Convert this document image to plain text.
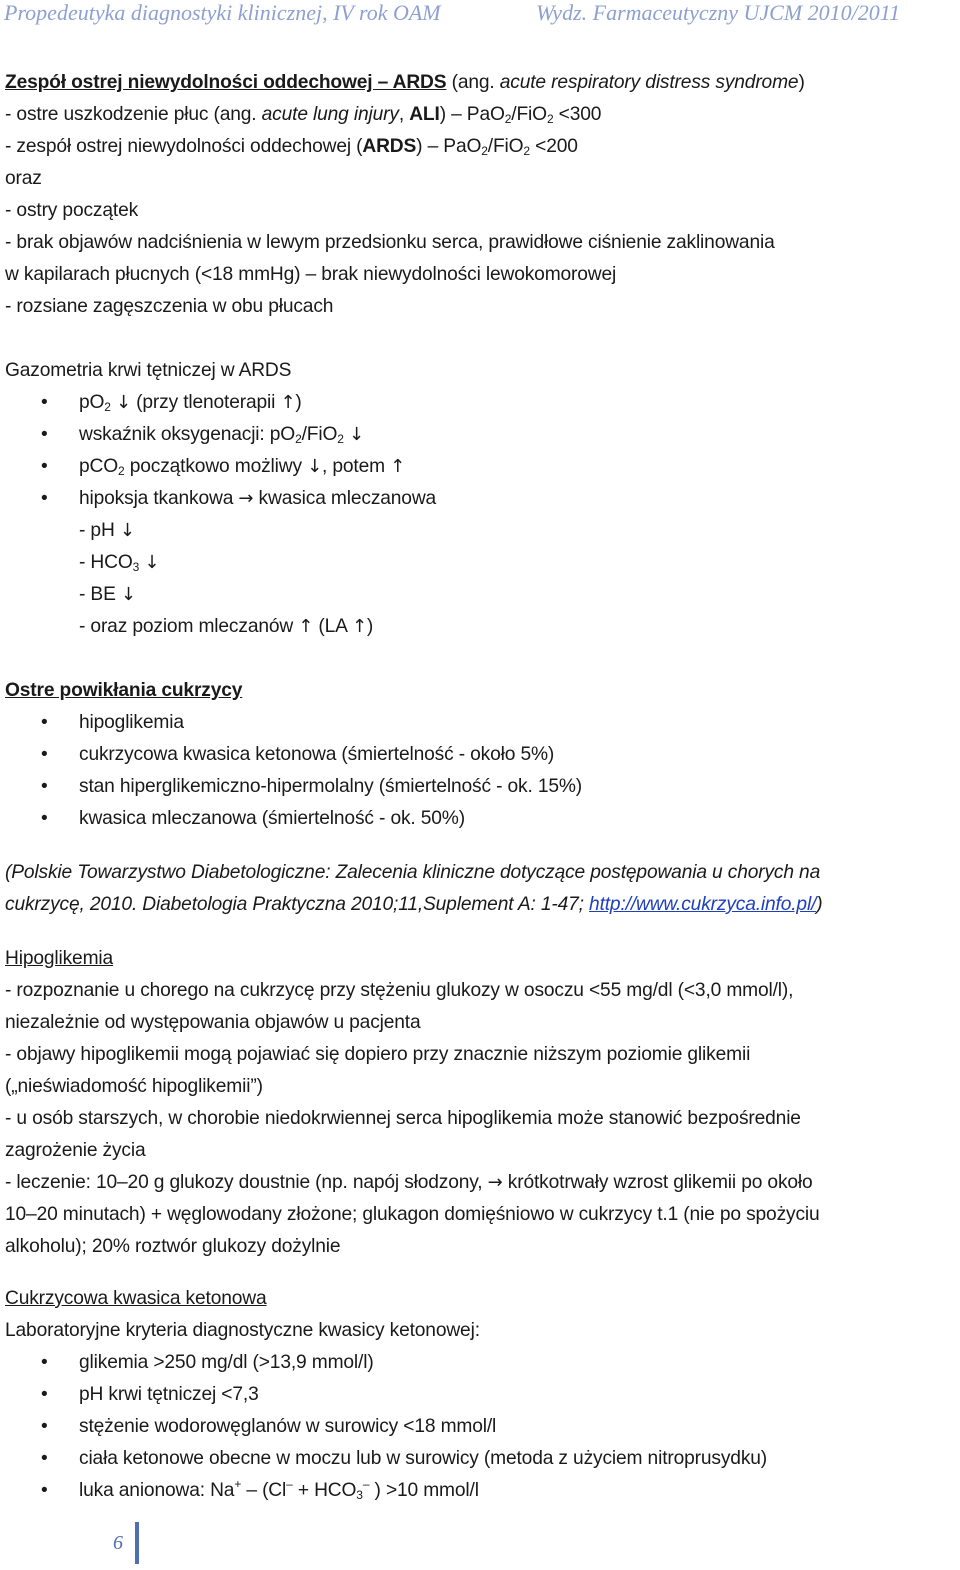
Propedeutyka diagnostyki klinicznej, IV rok OAM	Wydz. Farmaceutyczny UJCM 2010/2011
Zespół ostrej niewydolności oddechowej – ARDS (ang. acute respiratory distress syndrome)
- ostre uszkodzenie płuc (ang. acute lung injury, ALI) – PaO$_2$/FiO$_2$ <300
- zespół ostrej niewydolności oddechowej (ARDS) – PaO$_2$/FiO$_2$ <200
oraz
- ostry początek
- brak objawów nadciśnienia w lewym przedsionku serca, prawidłowe ciśnienie zaklinowania
w kapilarach płucnych (<18 mmHg) – brak niewydolności lewokomorowej
- rozsiane zagęszczenia w obu płucach
Gazometria krwi tętniczej w ARDS
• $pO_2$ ↓ (przy tlenoterapii ↑)
• wskaźnik oksygenacji: $pO_2/FiO_2$ ↓
• pCO$_2$ początkowo możliwy ↓, potem ↑
• hipoksja tkankowa → kwasica mleczanowa
- pH ↓
- $HCO_3$ ↓
- BE ↓
- oraz poziom mleczanów ↑ (LA ↑)
Ostre powikłania cukrzycy
• hipoglikemia
• cukrzycowa kwasica ketonowa (śmiertelność - około 5%)
• stan hiperglikemiczno-hipermolalny (śmiertelność - ok. 15%)
• kwasica mleczanowa (śmiertelność - ok. 50%)
(Polskie Towarzystwo Diabetologiczne: Zalecenia kliniczne dotyczące postępowania u chorych na
cukrzycę, 2010. Diabetologia Praktyczna 2010;11,Suplement A: 1-47; http://www.cukrzyca.info.pl/)
Hipoglikemia
- rozpoznanie u chorego na cukrzycę przy stężeniu glukozy w osoczu <55 mg/dl (<3,0 mmol/l),
niezależnie od występowania objawów u pacjenta
- objawy hipoglikemii mogą pojawiać się dopiero przy znacznie niższym poziomie glikemii
(„nieświadomość hipoglikemii”)
- u osób starszych, w chorobie niedokrwiennej serca hipoglikemia może stanowić bezpośrednie
zagrożenie życia
- leczenie: 10–20 g glukozy doustnie (np. napój słodzony, → krótkotrwały wzrost glikemii po około
10–20 minutach) + węglowodany złożone; glukagon domięśniowo w cukrzycy t.1 (nie po spożyciu
alkoholu); 20% roztwór glukozy dożylnie
Cukrzycowa kwasica ketonowa
Laboratoryjne kryteria diagnostyczne kwasicy ketonowej:
• glikemia >250 mg/dl (>13,9 mmol/l)
• pH krwi tętniczej <7,3
• stężenie wodorowęglanów w surowicy <18 mmol/l
• ciała ketonowe obecne w moczu lub w surowicy (metoda z użyciem nitroprusydku)
• luka anionowa: $Na^+ - (Cl^- + HCO_3^-$ ) >10 mmol/l
6
